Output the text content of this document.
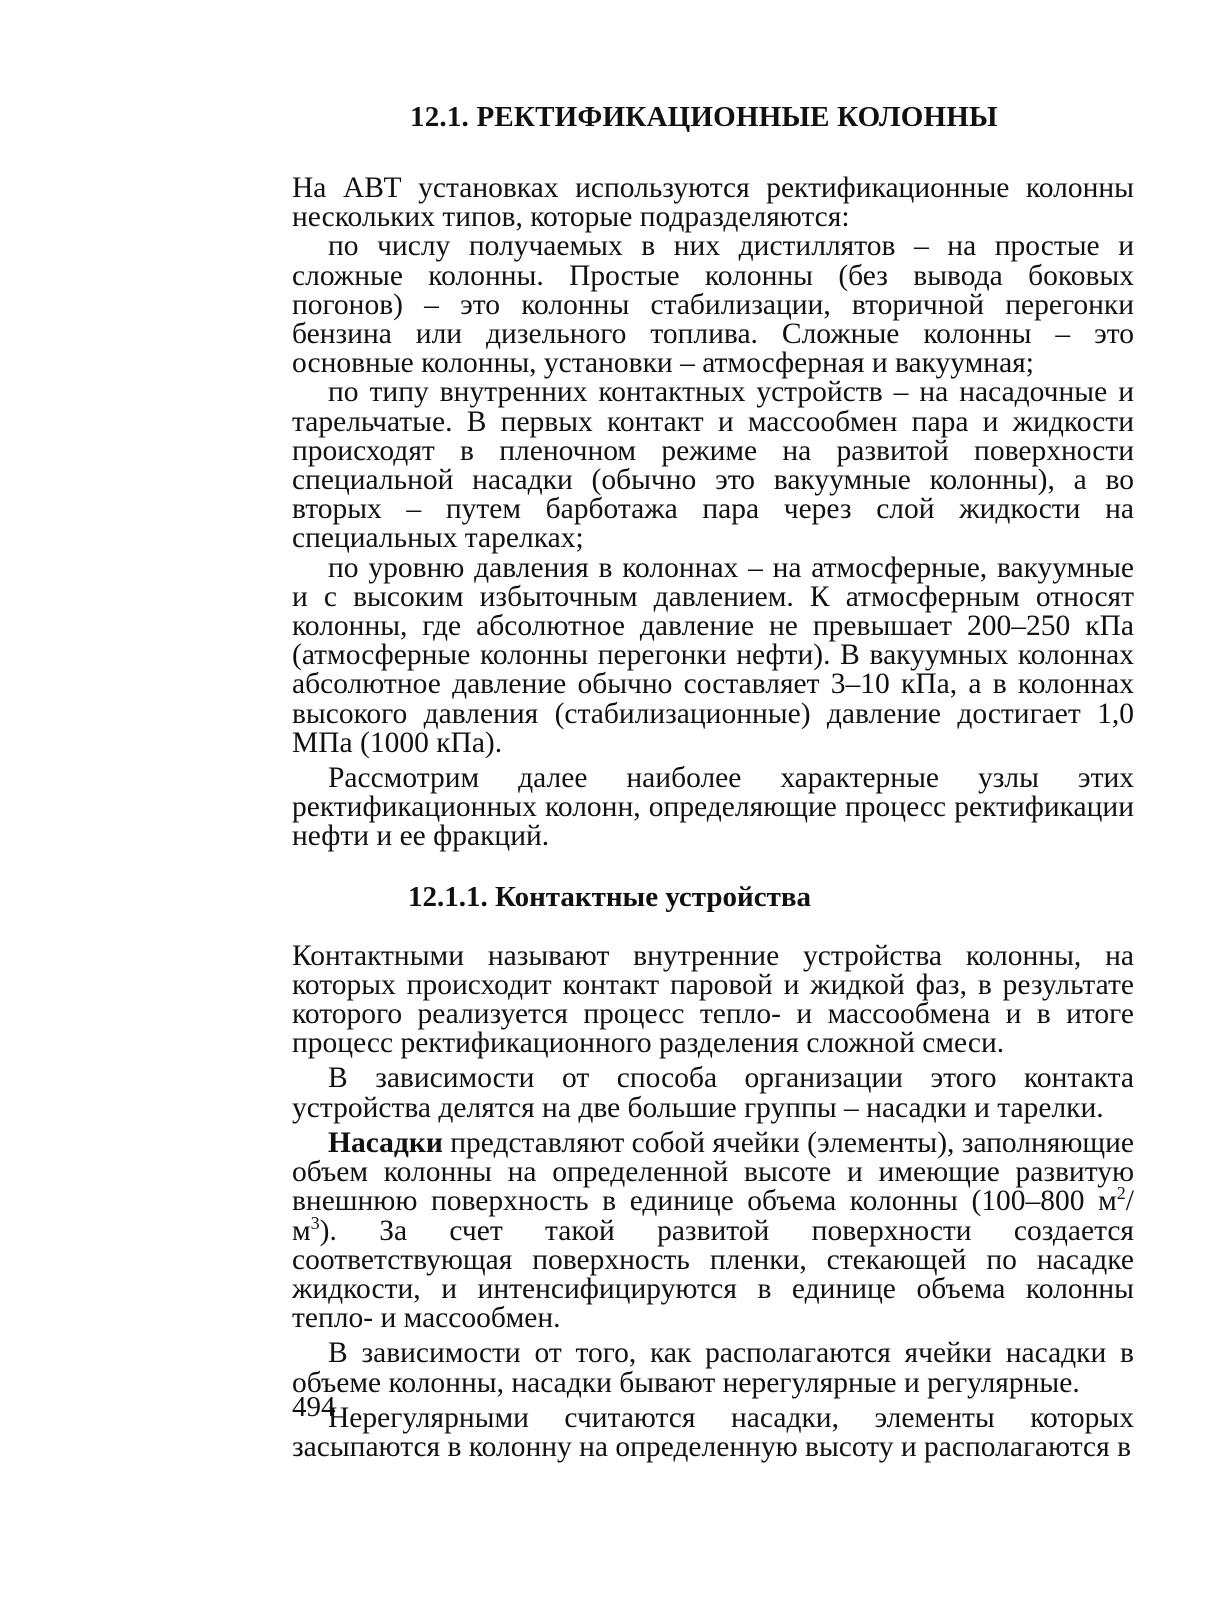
12.1. РЕКТИФИКАЦИОННЫЕ КОЛОННЫ

На АВТ установках используются ректификационные колонны нескольких типов, которые подразделяются:

по числу получаемых в них дистиллятов – на простые и сложные колонны. Простые колонны (без вывода боковых погонов) – это колонны стабилизации, вторичной перегонки бензина или дизельного топлива. Сложные колонны – это основные колонны, установки – атмосферная и вакуумная;

по типу внутренних контактных устройств – на насадочные и тарельчатые. В первых контакт и массообмен пара и жидкости происходят в пленочном режиме на развитой поверхности специальной насадки (обычно это вакуумные колонны), а во вторых – путем барботажа пара через слой жидкости на специальных тарелках;

по уровню давления в колоннах – на атмосферные, вакуумные и с высоким избыточным давлением. К атмосферным относят колонны, где абсолютное давление не превышает 200–250 кПа (атмосферные колонны перегонки нефти). В вакуумных колоннах абсолютное давление обычно составляет 3–10 кПа, а в колоннах высокого давления (стабилизационные) давление достигает 1,0 МПа (1000 кПа).

Рассмотрим далее наиболее характерные узлы этих ректификационных колонн, определяющие процесс ректификации нефти и ее фракций.

12.1.1. Контактные устройства

Контактными называют внутренние устройства колонны, на которых происходит контакт паровой и жидкой фаз, в результате которого реализуется процесс тепло- и массообмена и в итоге процесс ректификационного разделения сложной смеси.

В зависимости от способа организации этого контакта устройства делятся на две большие группы – насадки и тарелки.

Насадки представляют собой ячейки (элементы), заполняющие объем колонны на определенной высоте и имеющие развитую внешнюю поверхность в единице объема колонны (100–800 $м^2/м^3$). За счет такой развитой поверхности создается соответствующая поверхность пленки, стекающей по насадке жидкости, и интенсифицируются в единице объема колонны тепло- и массообмен.

В зависимости от того, как располагаются ячейки насадки в объеме колонны, насадки бывают нерегулярные и регулярные.

Нерегулярными считаются насадки, элементы которых засыпаются в колонну на определенную высоту и располагаются в

494
